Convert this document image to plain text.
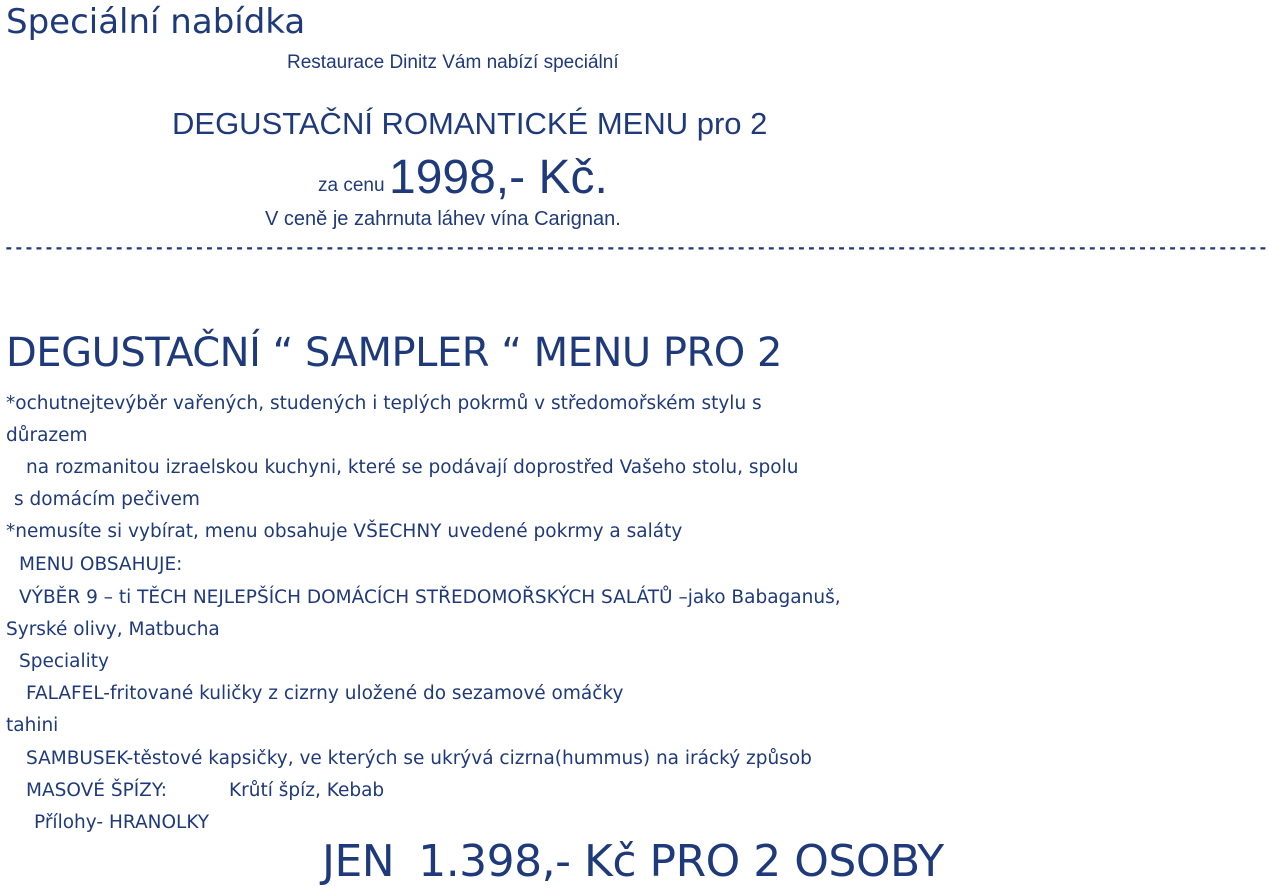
Speciální nabídka
Restaurace Dinitz Vám nabízí speciální
DEGUSTAČNÍ ROMANTICKÉ MENU pro 2
za cenu 1998,- Kč.
V ceně je zahrnuta láhev vína Carignan.
------------------------------------------------------------------------------------------------------------------------------
DEGUSTAČNÍ “ SAMPLER “ MENU PRO 2
*ochutnejtevýběr vařených, studených i teplých pokrmů v středomořském stylu s
důrazem
na rozmanitou izraelskou kuchyni, které se podávají doprostřed Vašeho stolu, spolu
s domácím pečivem
*nemusíte si vybírat, menu obsahuje VŠECHNY uvedené pokrmy a saláty
MENU OBSAHUJE:
VÝBĚR 9 – ti TĚCH NEJLEPŠÍCH DOMÁCÍCH STŘEDOMOŘSKÝCH SALÁTŮ –jako Babaganuš,
Syrské olivy, Matbucha
Speciality
FALAFEL-fritované kuličky z cizrny uložené do sezamové omáčky
tahini
SAMBUSEK-těstové kapsičky, ve kterých se ukrývá cizrna(hummus) na irácký způsob
MASOVÉ ŠPÍZY:	Krůtí špíz, Kebab
Přílohy- HRANOLKY
JEN 1.398,- Kč PRO 2 OSOBY
